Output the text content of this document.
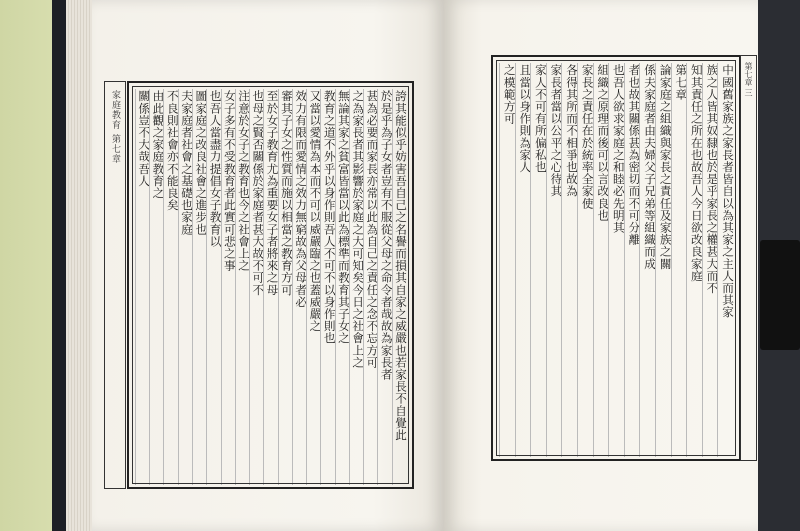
家庭教育 第七章	誇其能似乎妨害吾自己之名譽而損其自家之威嚴也若家長不自覺此
於是乎為子女者豈有不服從父母之命令者哉故為家長者
甚為必要而家長亦常以此為自己之責任之念不忘方可
之為家長者其影響於家庭之大可知矣今日之社會上之
無論其家之貧富皆當以此為標準而教育其子女之
教育之道不外乎以身作則吾人不可不以身作則也
又當以愛情為本而不可以威嚴臨之也蓋威嚴之
效力有限而愛情之效力無窮故為父母者必
審其子女之性質而施以相當之教育方可
至於女子教育尤為重要女子者將來之母
也母之賢否關係於家庭者甚大故不可不
注意於女子之教育也今之社會上之
女子多有不受教育者此實可悲之事
也吾人當盡力提倡女子教育以
圖家庭之改良社會之進步也
夫家庭者社會之基礎也家庭
不良則社會亦不能良矣
由此觀之家庭教育之
關係豈不大哉吾人	中國舊家族之家長者皆自以為其家之主人而其家
族之人皆其奴隸也於是乎家長之權甚大而不
知其責任之所在也故吾人今日欲改良家庭
第七章
論家庭之組織與家長之責任及家族之關
係夫家庭者由夫婦父子兄弟等組織而成
者也故其關係甚為密切而不可分離
也吾人欲求家庭之和睦必先明其
組織之原理而後可以言改良也
家長之責任在於統率全家使
各得其所而不相爭也故為
家長者當以公平之心待其
家人不可有所偏私也
且當以身作則為家人
之模範方可	第七章 三
